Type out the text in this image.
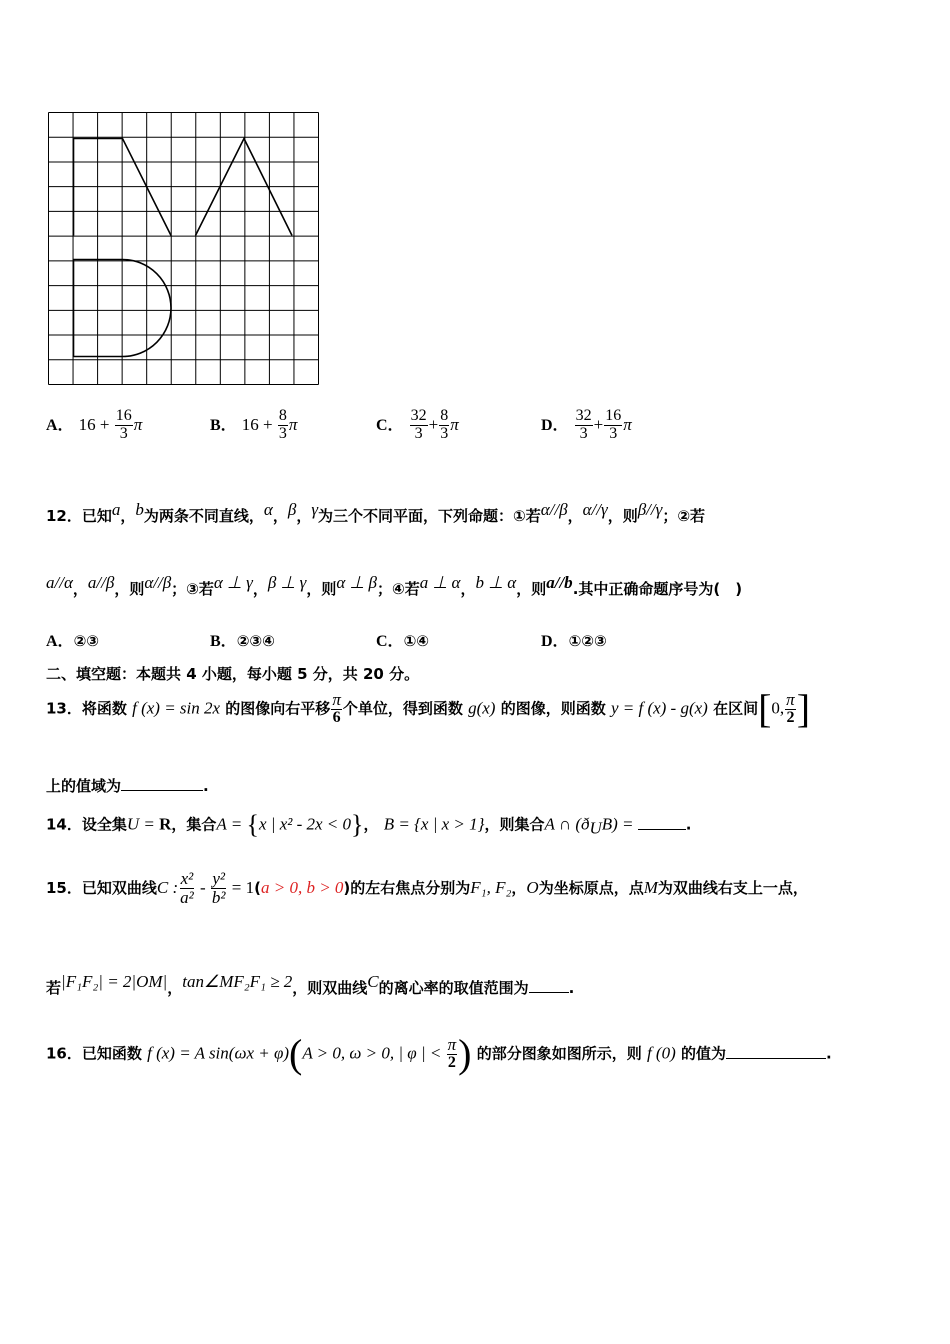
A． $16 + \frac{16}{3}$ π	B． $16 + \frac{8}{3}$ π	C． $\frac{32}{3} + \frac{8}{3}$ π	D． $\frac{32}{3} + \frac{16}{3}$ π
12．已知$^a$，$^b$为两条不同直线，$^\alpha$，$^\beta$，$^\gamma$为三个不同平面，下列命题：①若$^{\alpha//\beta}$，$^{\alpha//\gamma}$，则$^{\beta//\gamma}$；②若
$^{a//\alpha}$，$^{a//\beta}$，则$^{\alpha//\beta}$；③若$^{\alpha \perp \gamma}$，$^{\beta \perp \gamma}$，则$^{\alpha \perp \beta}$；④若$^{a \perp \alpha}$，$^{b \perp \alpha}$，则$^{a//b}$.其中正确命题序号为(　)
A．②③	B．②③④	C．①④	D．①②③
二、填空题：本题共 4 小题，每小题 5 分，共 20 分。
13．将函数 f (x) = sin 2x 的图像向右平移 $\frac{\pi}{6}$ 个单位，得到函数 g(x) 的图像，则函数 y = f (x) - g(x) 在区间[0, $\frac{\pi}{2}$ ]
上的值域为	.
14．设全集U = R，集合A = {x | x² - 2x < 0}， B = {x | x > 1}，则集合A ∩ $(ð_UB)$ =	.
15．已知双曲线C : $\frac{\text{x²}}{\text{a²}} - \frac{\text{y²}}{\text{b²}} = 1(a > 0$, b > 0)的左右焦点分别为F₁, F₂，O为坐标原点，点M为双曲线右支上一点，
若$^{|F_1F_2| = 2|OM|}$，$^{tan\angle MF_2F_1 \ge 2}$，则双曲线$^C$的离心率的取值范围为	.
16．已知函数 f (x) = A sin(ωx + φ)(A > 0, ω > 0, | φ | < $\frac{\pi}{2}$ ) 的部分图象如图所示，则 f (0) 的值为	.
